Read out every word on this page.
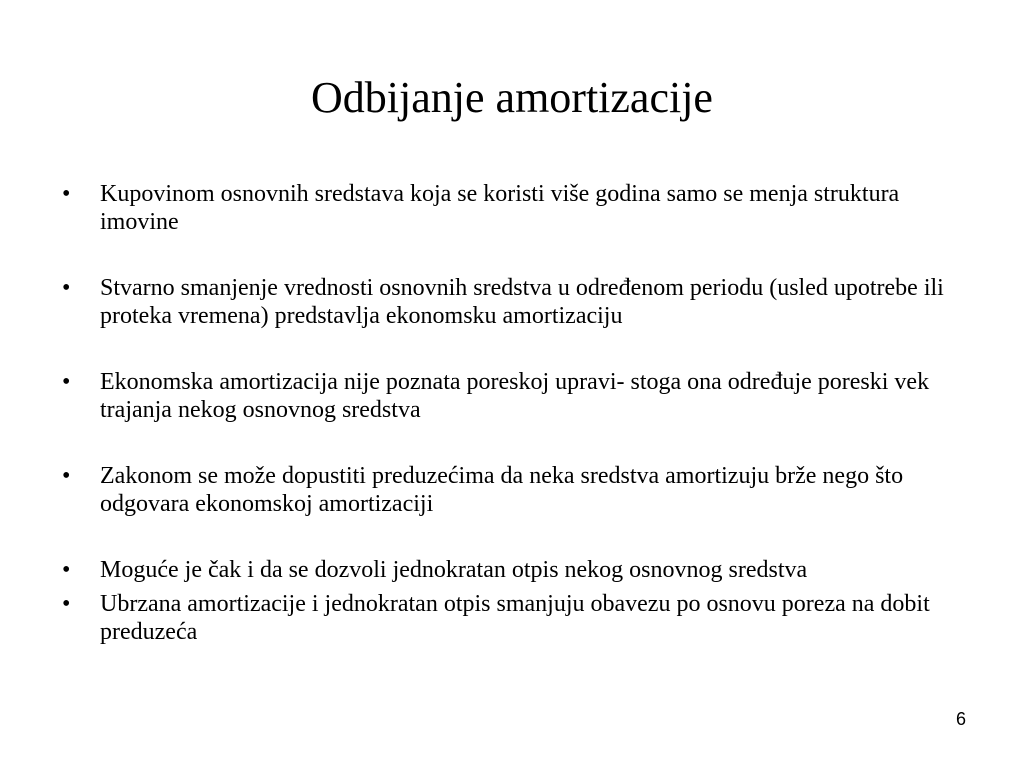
Odbijanje amortizacije
•	Kupovinom osnovnih sredstava koja se koristi više godina samo se menja struktura imovine
•	Stvarno smanjenje vrednosti osnovnih sredstva u određenom periodu (usled upotrebe ili proteka vremena) predstavlja ekonomsku amortizaciju
•	Ekonomska amortizacija nije poznata poreskoj upravi- stoga ona određuje poreski vek trajanja nekog osnovnog sredstva
•	Zakonom se može dopustiti preduzećima da neka sredstva amortizuju brže nego što odgovara ekonomskoj amortizaciji
•	Moguće je čak i da se dozvoli jednokratan otpis nekog osnovnog sredstva
•	Ubrzana amortizacije i jednokratan otpis smanjuju obavezu po osnovu poreza na dobit preduzeća
6
